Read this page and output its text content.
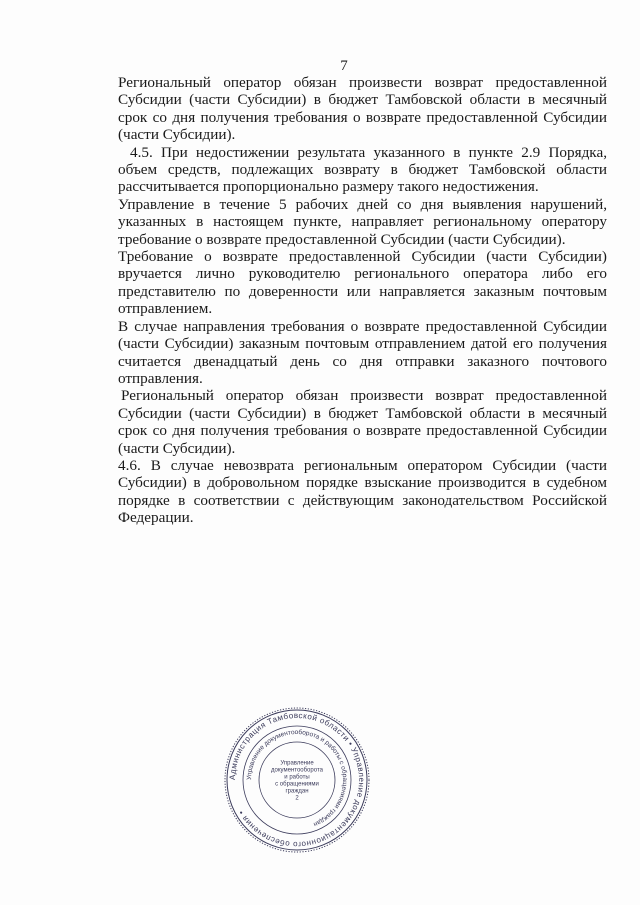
7

Региональный оператор обязан произвести возврат предоставленной Субсидии (части Субсидии) в бюджет Тамбовской области в месячный срок со дня получения требования о возврате предоставленной Субсидии (части Субсидии).

4.5. При недостижении результата указанного в пункте 2.9 Порядка, объем средств, подлежащих возврату в бюджет Тамбовской области рассчитывается пропорционально размеру такого недостижения.

Управление в течение 5 рабочих дней со дня выявления нарушений, указанных в настоящем пункте, направляет региональному оператору требование о возврате предоставленной Субсидии (части Субсидии).

Требование о возврате предоставленной Субсидии (части Субсидии) вручается лично руководителю регионального оператора либо его представителю по доверенности или направляется заказным почтовым отправлением.

В случае направления требования о возврате предоставленной Субсидии (части Субсидии) заказным почтовым отправлением датой его получения считается двенадцатый день со дня отправки заказного почтового отправления.

Региональный оператор обязан произвести возврат предоставленной Субсидии (части Субсидии) в бюджет Тамбовской области в месячный срок со дня получения требования о возврате предоставленной Субсидии (части Субсидии).

4.6. В случае невозврата региональным оператором Субсидии (части Субсидии) в добровольном порядке взыскание производится в судебном порядке в соответствии с действующим законодательством Российской Федерации.

Администрация Тамбовской области • Управление документационного обеспечения •
Управление документооборота и работы с обращениями граждан
Управление
документооборота
и работы
с обращениями
граждан
2
